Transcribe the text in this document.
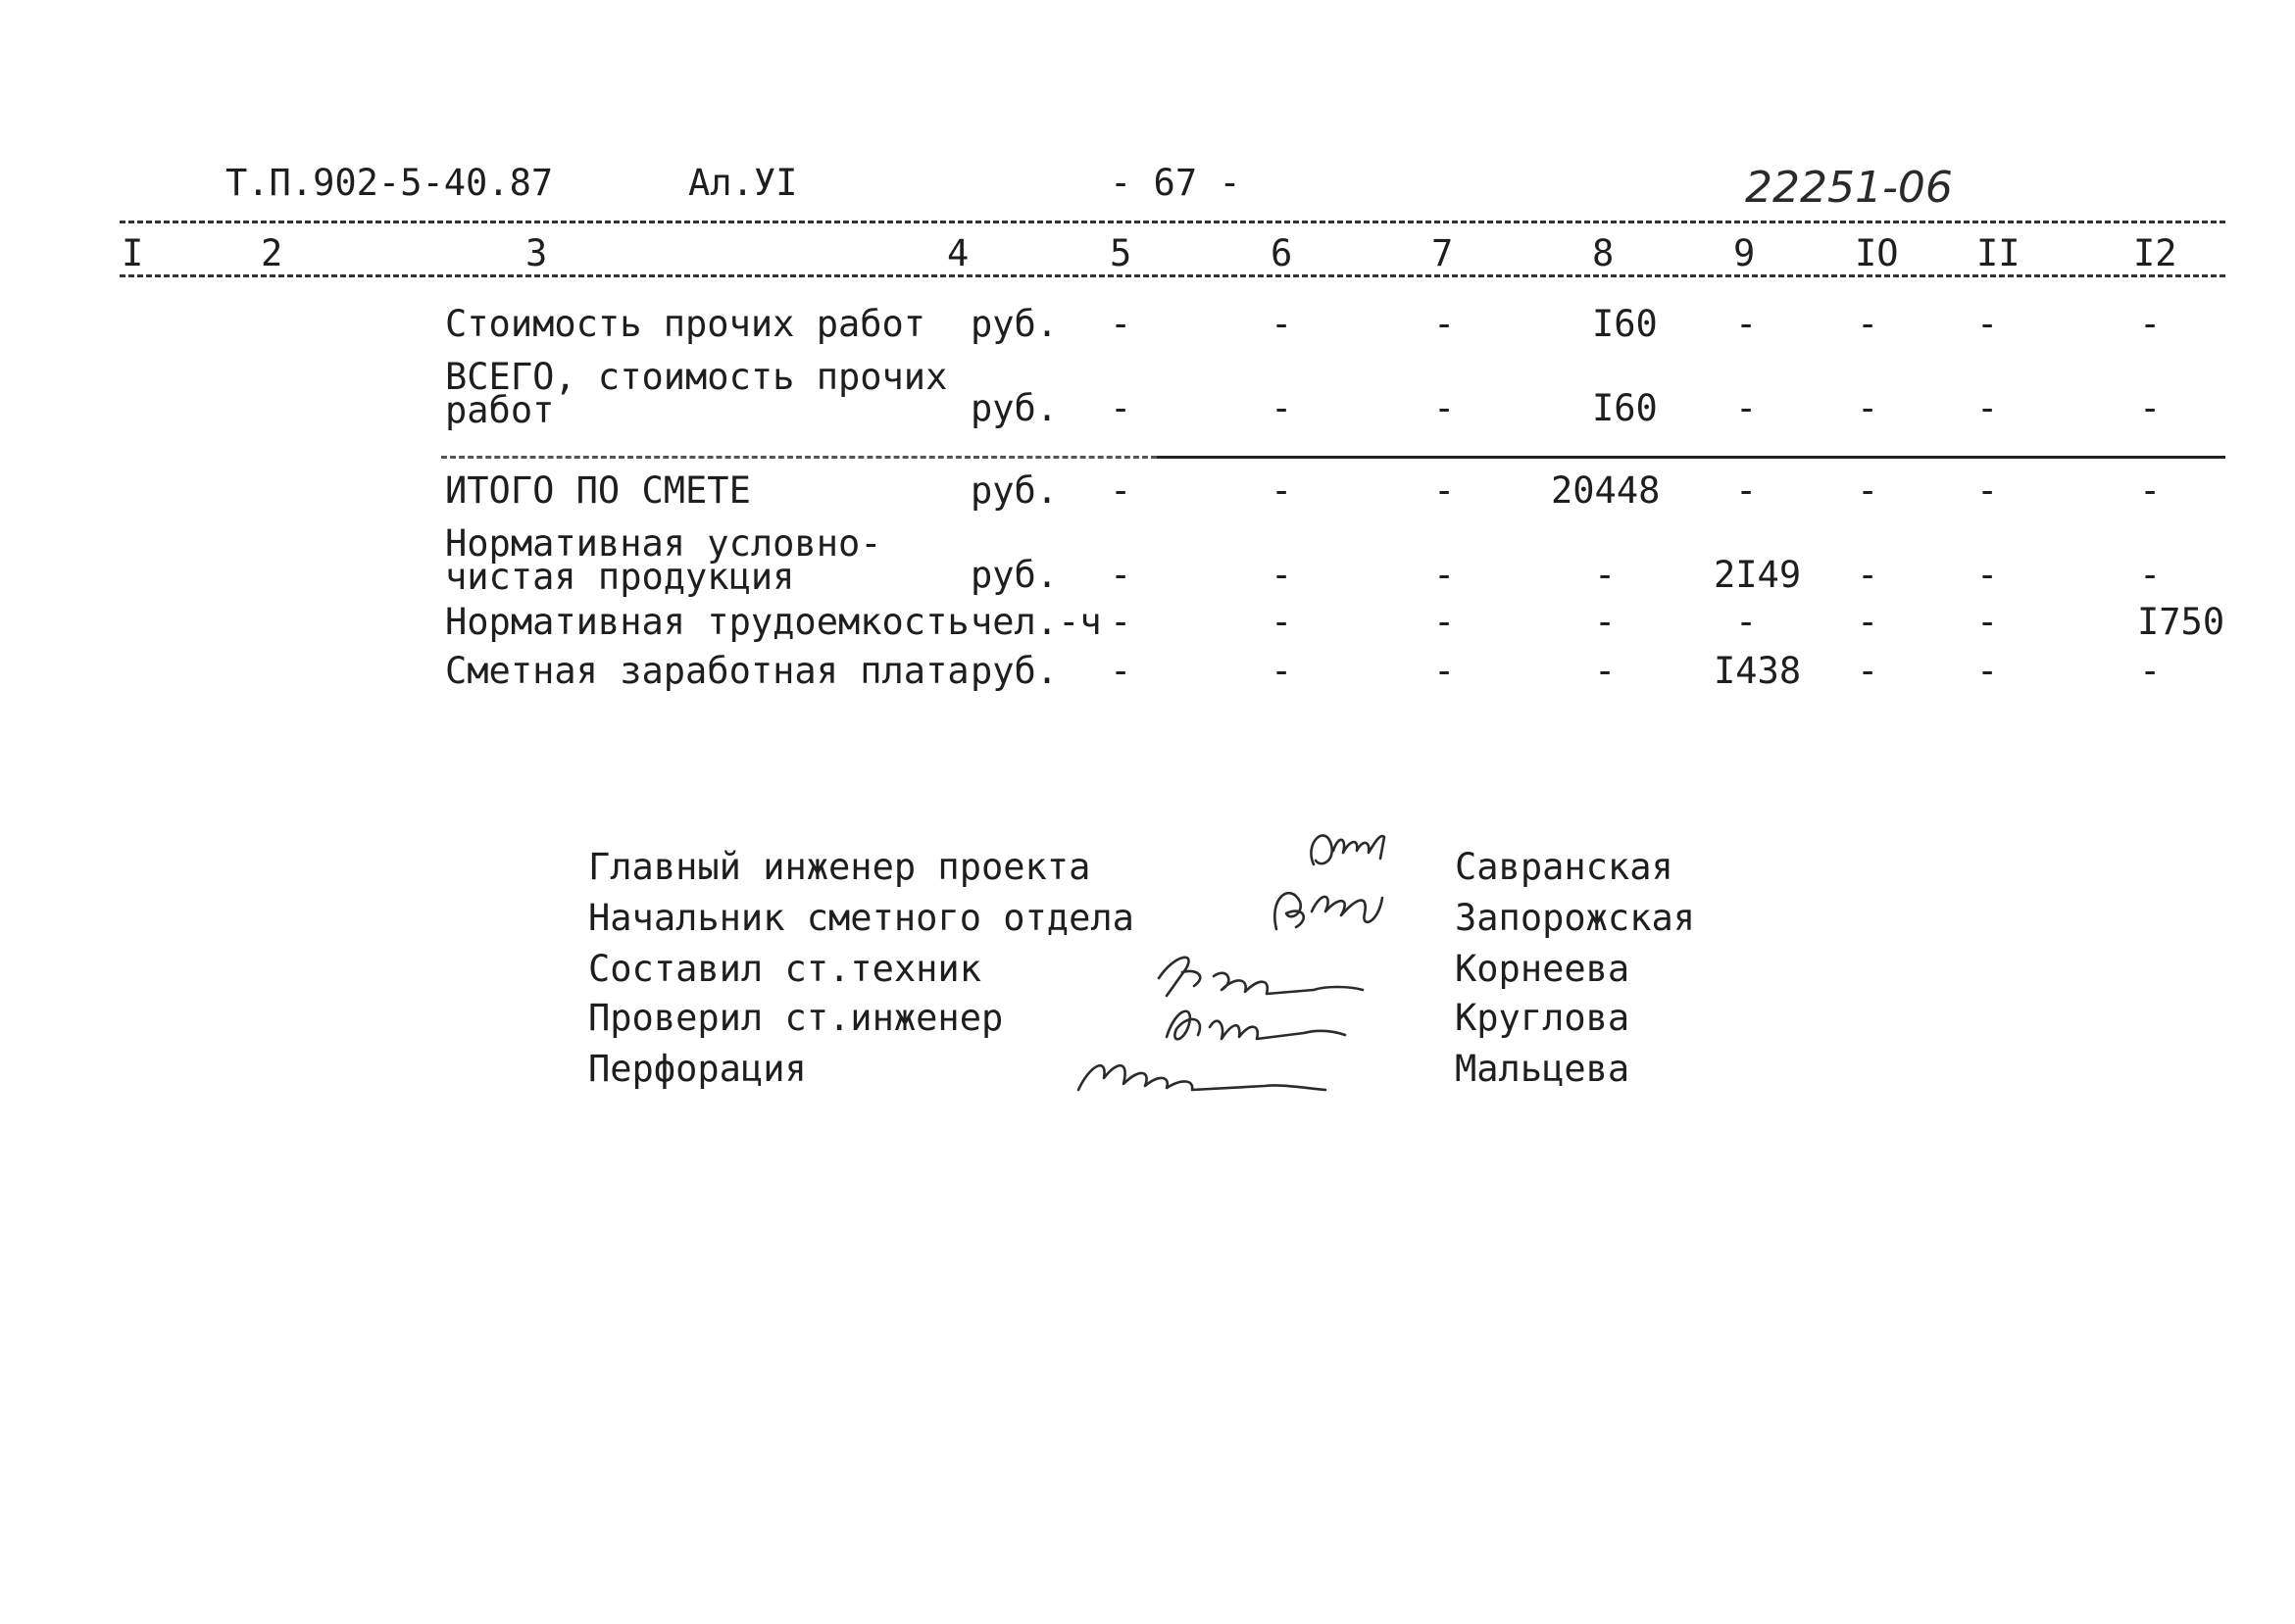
Т.П.902-5-40.87	Ал.УI	- 67 -	22251-06
I	2	3	4	5	6	7	8	9	IO II	I2
Стоимость прочих работ руб. -	-	-	I60 -	-	-	-
ВСЕГО, стоимость прочих
работ	руб. -	-	-	I60 -	-	-	-
ИТОГО ПО СМЕТЕ	руб. -	-	-	20448 -	-	-	-
Нормативная условно-
чистая продукция	руб. -	-	-	-	2I49 -	-	-
Нормативная трудоемкость чел.-ч -	-	-	-	-	-	-	I750
Сметная заработная плата руб. -	-	-	-	I438 -	-	-
Главный инженер проекта	Савранская
Начальник сметного отдела	Запорожская
Составил ст.техник	Корнеева
Проверил ст.инженер	Круглова
Перфорация	Мальцева
